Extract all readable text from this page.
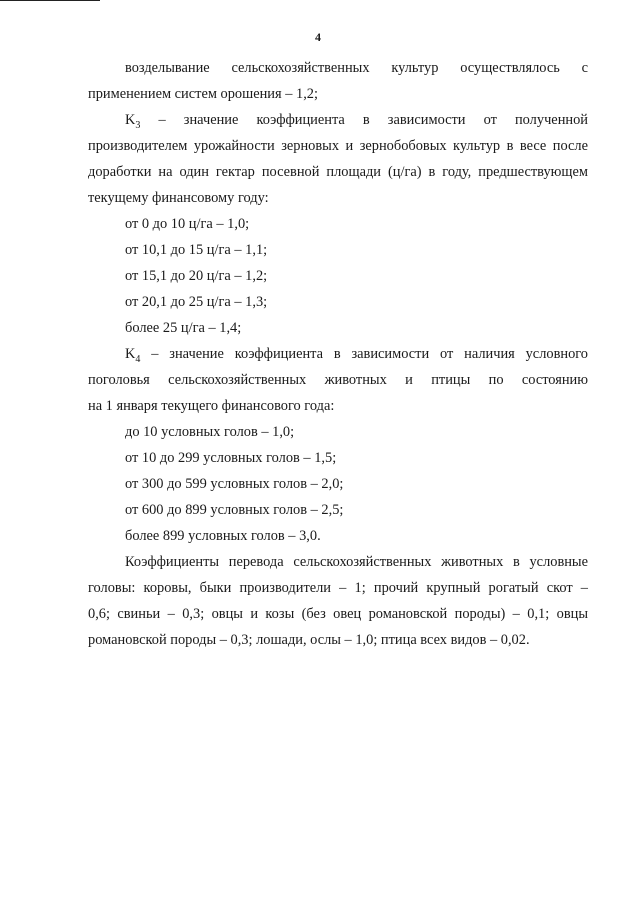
4
возделывание сельскохозяйственных культур осуществлялось с
применением систем орошения – 1,2;
$K_3$ – значение коэффициента в зависимости от полученной
производителем урожайности зерновых и зернобобовых культур в весе после
доработки на один гектар посевной площади (ц/га) в году, предшествующем
текущему финансовому году:
от 0 до 10 ц/га – 1,0;
от 10,1 до 15 ц/га – 1,1;
от 15,1 до 20 ц/га – 1,2;
от 20,1 до 25 ц/га – 1,3;
более 25 ц/га – 1,4;
$K_4$ – значение коэффициента в зависимости от наличия условного
поголовья сельскохозяйственных животных и птицы по состоянию
на 1 января текущего финансового года:
до 10 условных голов – 1,0;
от 10 до 299 условных голов – 1,5;
от 300 до 599 условных голов – 2,0;
от 600 до 899 условных голов – 2,5;
более 899 условных голов – 3,0.
Коэффициенты перевода сельскохозяйственных животных в условные
головы: коровы, быки производители – 1; прочий крупный рогатый скот –
0,6; свиньи – 0,3; овцы и козы (без овец романовской породы) – 0,1; овцы
романовской породы – 0,3; лошади, ослы – 1,0; птица всех видов – 0,02.
